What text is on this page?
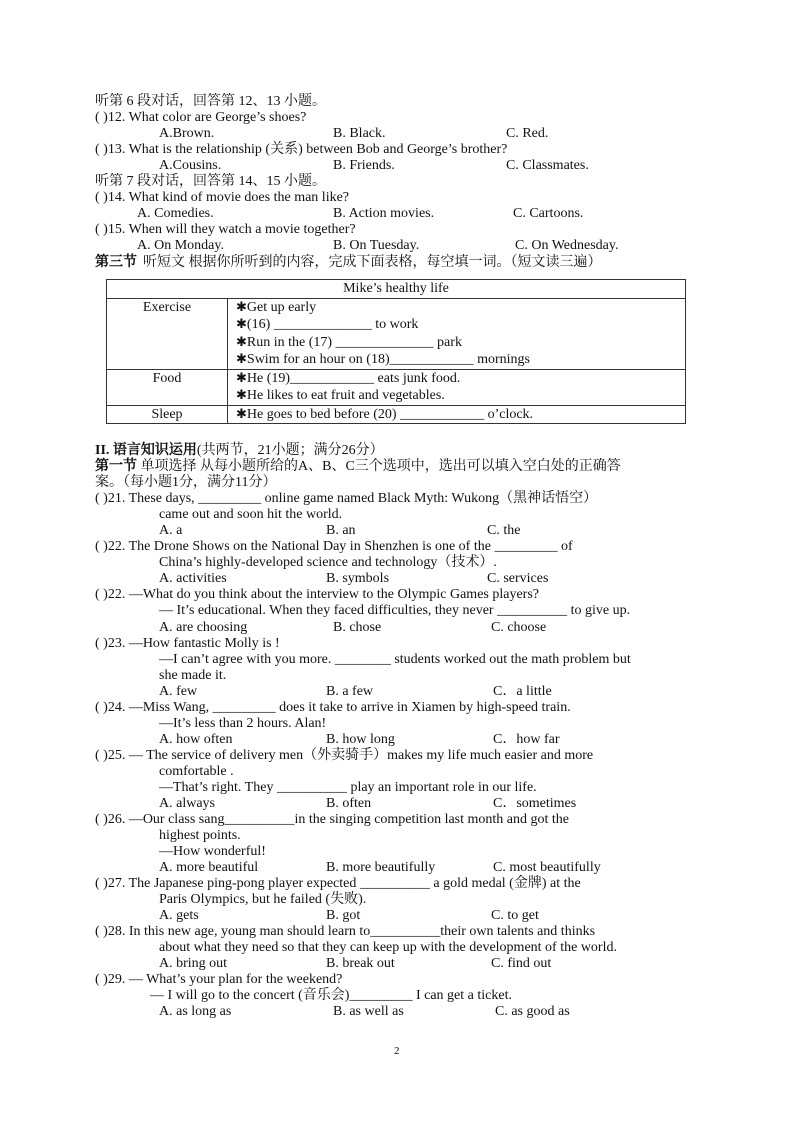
听第 6 段对话，回答第 12、13 小题。
( )12. What color are George’s shoes?
A.Brown.	B. Black.	C. Red.
( )13. What is the relationship (关系) between Bob and George’s brother?
A.Cousins.	B. Friends.	C. Classmates.
听第 7 段对话，回答第 14、15 小题。
( )14. What kind of movie does the man like?
A. Comedies.	B. Action movies.	C. Cartoons.
( )15. When will they watch a movie together?
A. On Monday.	B. On Tuesday.	C. On Wednesday.
第三节 听短文 根据你所听到的内容，完成下面表格，每空填一词。（短文读三遍）
Mike’s healthy life	
Exercise	✱Get up early
✱(16) ______________ to work
✱Run in the (17) ______________ park
✱Swim for an hour on (18)____________ mornings

Food	✱He (19)____________ eats junk food.
✱He likes to eat fruit and vegetables.

Sleep	✱He goes to bed before (20) ____________ o’clock.
II. 语言知识运用(共两节，21小题；满分26分）
第一节 单项选择 从每小题所给的A、B、C三个选项中，选出可以填入空白处的正确答
案。（每小题1分，满分11分）
( )21. These days, _________ online game named Black Myth: Wukong（黑神话悟空）
came out and soon hit the world.
A. a	B. an	C. the
( )22. The Drone Shows on the National Day in Shenzhen is one of the _________ of
China’s highly-developed science and technology（技术）.
A. activities	B. symbols	C. services
( )22. —What do you think about the interview to the Olympic Games players?
— It’s educational. When they faced difficulties, they never __________ to give up.
A. are choosing	B. chose	C. choose
( )23. —How fantastic Molly is !
—I can’t agree with you more. ________ students worked out the math problem but
she made it.
A. few	B. a few	C．a little
( )24. —Miss Wang, _________ does it take to arrive in Xiamen by high-speed train.
—It’s less than 2 hours. Alan!
A. how often	B. how long	C．how far
( )25. — The service of delivery men（外卖骑手）makes my life much easier and more
comfortable .
—That’s right. They __________ play an important role in our life.
A. always	B. often	C．sometimes
( )26. —Our class sang__________in the singing competition last month and got the
highest points.
—How wonderful!
A. more beautiful	B. more beautifully	C. most beautifully
( )27. The Japanese ping-pong player expected __________ a gold medal (金牌) at the
Paris Olympics, but he failed (失败).
A. gets	B. got	C. to get
( )28. In this new age, young man should learn to__________their own talents and thinks
about what they need so that they can keep up with the development of the world.
A. bring out	B. break out	C. find out
( )29. — What’s your plan for the weekend?
— I will go to the concert (音乐会)_________ I can get a ticket.
A. as long as	B. as well as	C. as good as
2
